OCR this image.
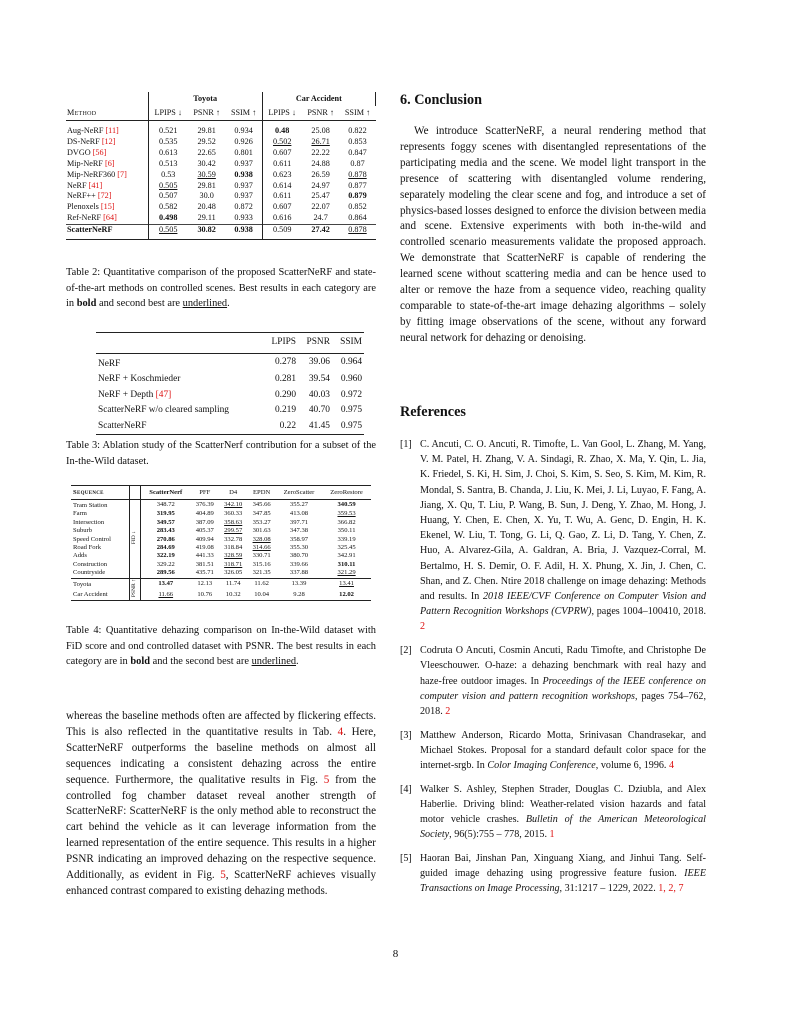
	Toyota			Car Accident		
Method	LPIPS ↓	PSNR ↑	SSIM ↑	LPIPS ↓	PSNR ↑	SSIM ↑
Aug-NeRF [11]	0.521	29.81	0.934	0.48	25.08	0.822
DS-NeRF [12]	0.535	29.52	0.926	0.502	26.71	0.853
DVGO [56]	0.613	22.65	0.801	0.607	22.22	0.847
Mip-NeRF [6]	0.513	30.42	0.937	0.611	24.88	0.87
Mip-NeRF360 [7]	0.53	30.59	0.938	0.623	26.59	0.878
NeRF [41]	0.505	29.81	0.937	0.614	24.97	0.877
NeRF++ [72]	0.507	30.0	0.937	0.611	25.47	0.879
Plenoxels [15]	0.582	20.48	0.872	0.607	22.07	0.852
Ref-NeRF [64]	0.498	29.11	0.933	0.616	24.7	0.864
ScatterNeRF	0.505	30.82	0.938	0.509	27.42	0.878
Table 2: Quantitative comparison of the proposed ScatterNeRF and state-of-the-art methods on controlled scenes. Best results in each category are in bold and second best are underlined.
	LPIPS	PSNR	SSIM
NeRF	0.278	39.06	0.964
NeRF + Koschmieder	0.281	39.54	0.960
NeRF + Depth [47]	0.290	40.03	0.972
ScatterNeRF w/o cleared sampling	0.219	40.70	0.975
ScatterNeRF	0.22	41.45	0.975
Table 3: Ablation study of the ScatterNerf contribution for a subset of the In-the-Wild dataset.
Sequence		ScatterNerf	PFF	D4	EPDN	ZeroScatter	ZeroRestore
Tram Station	FID ↓	348.72	376.39	342.10	345.66	355.27	340.59
Farm		319.95	404.89	360.33	347.85	413.08	359.53
Intersection		349.57	387.09	358.63	353.27	397.71	366.82
Suburb		283.43	405.37	299.57	301.63	347.38	350.11
Speed Control		270.86	409.94	332.78	328.08	358.97	339.19
Road Fork		284.69	419.08	318.84	314.66	355.30	325.45
Adds		322.19	441.33	328.59	330.71	380.70	342.91
Construction		329.22	381.51	318.71	315.16	339.66	310.11
Countryside		289.56	435.71	326.05	321.35	337.88	321.29
Toyota	PSNR ↑	13.47	12.13	11.74	11.62	13.39	13.41
Car Accident		11.66	10.76	10.32	10.04	9.28	12.02
Table 4: Quantitative dehazing comparison on In-the-Wild dataset with FiD score and ond controlled dataset with PSNR. The best results in each category are in bold and the second best are underlined.
whereas the baseline methods often are affected by flickering effects. This is also reflected in the quantitative results in Tab. 4. Here, ScatterNeRF outperforms the baseline methods on almost all sequences indicating a consistent dehazing across the entire sequence. Furthermore, the qualitative results in Fig. 5 from the controlled fog chamber dataset reveal another strength of ScatterNeRF: ScatterNeRF is the only method able to reconstruct the cart behind the vehicle as it can leverage information from the learned representation of the entire sequence. This results in a higher PSNR indicating an improved dehazing on the respective sequence. Additionally, as evident in Fig. 5, ScatterNeRF achieves visually enhanced contrast compared to existing dehazing methods.
6. Conclusion
We introduce ScatterNeRF, a neural rendering method that represents foggy scenes with disentangled representations of the participating media and the scene. We model light transport in the presence of scattering with disentangled volume rendering, separately modeling the clear scene and fog, and introduce a set of physics-based losses designed to enforce the division between media and scene. Extensive experiments with both in-the-wild and controlled scenario measurements validate the proposed approach. We demonstrate that ScatterNeRF is capable of rendering the learned scene without scattering media and can be hence used to alter or remove the haze from a sequence video, reaching quality comparable to state-of-the-art image dehazing algorithms – solely by fitting image observations of the scene, without any forward neural network for dehazing or denoising.
References
[1] C. Ancuti, C. O. Ancuti, R. Timofte, L. Van Gool, L. Zhang, M. Yang, V. M. Patel, H. Zhang, V. A. Sindagi, R. Zhao, X. Ma, Y. Qin, L. Jia, K. Friedel, S. Ki, H. Sim, J. Choi, S. Kim, S. Seo, S. Kim, M. Kim, R. Mondal, S. Santra, B. Chanda, J. Liu, K. Mei, J. Li, Luyao, F. Fang, A. Jiang, X. Qu, T. Liu, P. Wang, B. Sun, J. Deng, Y. Zhao, M. Hong, J. Huang, Y. Chen, E. Chen, X. Yu, T. Wu, A. Genc, D. Engin, H. K. Ekenel, W. Liu, T. Tong, G. Li, Q. Gao, Z. Li, D. Tang, Y. Chen, Z. Huo, A. Alvarez-Gila, A. Galdran, A. Bria, J. Vazquez-Corral, M. Bertalmo, H. S. Demir, O. F. Adil, H. X. Phung, X. Jin, J. Chen, C. Shan, and Z. Chen. Ntire 2018 challenge on image dehazing: Methods and results. In 2018 IEEE/CVF Conference on Computer Vision and Pattern Recognition Workshops (CVPRW), pages 1004–100410, 2018. 2
[2] Codruta O Ancuti, Cosmin Ancuti, Radu Timofte, and Christophe De Vleeschouwer. O-haze: a dehazing benchmark with real hazy and haze-free outdoor images. In Proceedings of the IEEE conference on computer vision and pattern recognition workshops, pages 754–762, 2018. 2
[3] Matthew Anderson, Ricardo Motta, Srinivasan Chandrasekar, and Michael Stokes. Proposal for a standard default color space for the internet-srgb. In Color Imaging Conference, volume 6, 1996. 4
[4] Walker S. Ashley, Stephen Strader, Douglas C. Dziubla, and Alex Haberlie. Driving blind: Weather-related vision hazards and fatal motor vehicle crashes. Bulletin of the American Meteorological Society, 96(5):755 – 778, 2015. 1
[5] Haoran Bai, Jinshan Pan, Xinguang Xiang, and Jinhui Tang. Self-guided image dehazing using progressive feature fusion. IEEE Transactions on Image Processing, 31:1217 – 1229, 2022. 1, 2, 7
8
